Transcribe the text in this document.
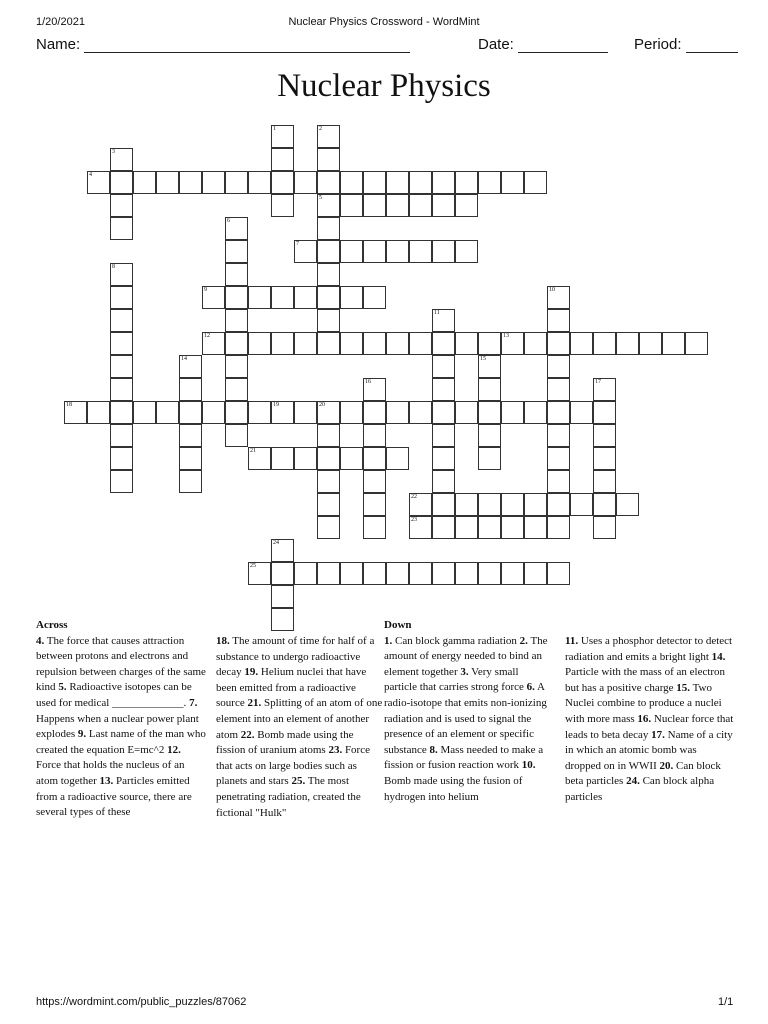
1/20/2021	Nuclear Physics Crossword - WordMint
Name:	Date:	Period:
Nuclear Physics
1	2
5
3
4
6
7
8
9	10
11
12	13
14	15
16	17
18	19	20
21
22
23
24
25
Across
4. The force that causes attraction between protons and electrons and repulsion between charges of the same kind 5. Radioactive isotopes can be used for medical _____________. 7. Happens when a nuclear power plant explodes 9. Last name of the man who created the equation E=mc^2 12. Force that holds the nucleus of an atom together 13. Particles emitted from a radioactive source, there are several types of these
18. The amount of time for half of a substance to undergo radioactive decay 19. Helium nuclei that have been emitted from a radioactive source 21. Splitting of an atom of one element into an element of another atom 22. Bomb made using the fission of uranium atoms 23. Force that acts on large bodies such as planets and stars 25. The most penetrating radiation, created the fictional "Hulk"
Down
1. Can block gamma radiation 2. The amount of energy needed to bind an element together 3. Very small particle that carries strong force 6. A radio-isotope that emits non-ionizing radiation and is used to signal the presence of an element or specific substance 8. Mass needed to make a fission or fusion reaction work 10. Bomb made using the fusion of hydrogen into helium
11. Uses a phosphor detector to detect radiation and emits a bright light 14. Particle with the mass of an electron but has a positive charge 15. Two Nuclei combine to produce a nuclei with more mass 16. Nuclear force that leads to beta decay 17. Name of a city in which an atomic bomb was dropped on in WWII 20. Can block beta particles 24. Can block alpha particles
https://wordmint.com/public_puzzles/87062	1/1
